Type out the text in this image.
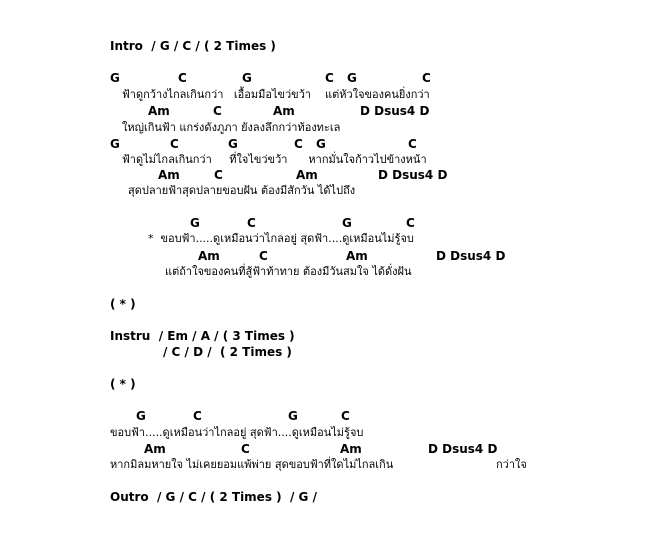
Intro  / G / C / ( 2 Times )
G	C	G	C G	C
ฟ้าดูกว้างไกลเกินกว่า   เอื้อมมือไขว่ขว้า    แต่หัวใจของคนยิ่งกว่า
Am	C	Am	D Dsus4 D
ใหญ่เกินฟ้า แกร่งดังภูภา ยังลงลึกกว่าท้องทะเล
G	C	G	C G	C
ฟ้าดูไม่ไกลเกินกว่า     ที่ใจไขว่ขว้า      หากมั่นใจก้าวไปข้างหน้า
Am	C	Am	D Dsus4 D
สุดปลายฟ้าสุดปลายขอบฝัน ต้องมีสักวัน ได้ไปถึง
G	C	G	C
*  ขอบฟ้า.....ดูเหมือนว่าไกลอยู่ สุดฟ้า....ดูเหมือนไม่รู้จบ
Am	C	Am	D Dsus4 D
แต่ถ้าใจของคนที่สู้ฟ้าท้าทาย ต้องมีวันสมใจ ได้ดั่งฝัน
( * )
Instru  / Em / A / ( 3 Times )
/ C / D /  ( 2 Times )
( * )
G	C	G	C
ขอบฟ้า.....ดูเหมือนว่าไกลอยู่ สุดฟ้า....ดูเหมือนไม่รู้จบ
Am	C	Am	D Dsus4 D
หากมิลมหายใจ ไม่เคยยอมแพ้พ่าย สุดขอบฟ้าที่ใดไม่ไกลเกิน	กว่าใจ
Outro  / G / C / ( 2 Times )  / G /
